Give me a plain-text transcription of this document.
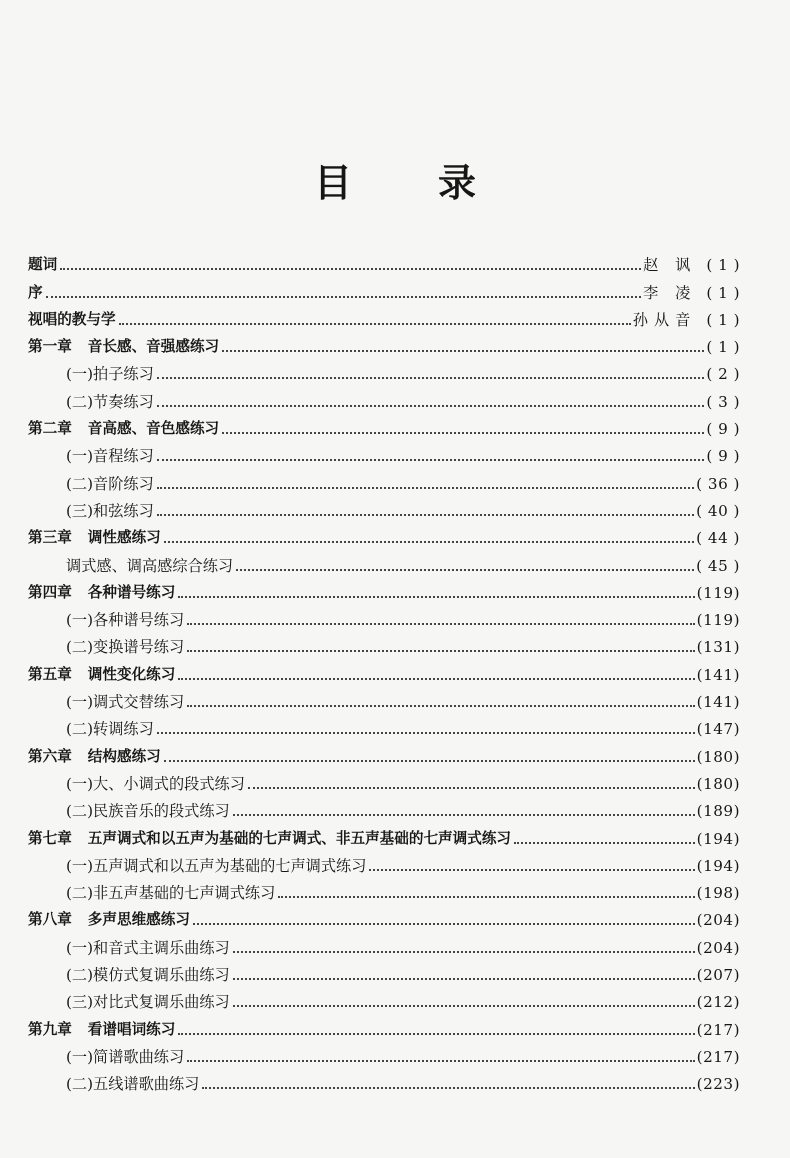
目 录
题词	赵 讽 ( 1 )
序	李 凌 ( 1 )
视唱的教与学	孙从音 ( 1 )
第一章 音长感、音强感练习	( 1 )
(一)拍子练习	( 2 )
(二)节奏练习	( 3 )
第二章 音高感、音色感练习	( 9 )
(一)音程练习	( 9 )
(二)音阶练习	( 36 )
(三)和弦练习	( 40 )
第三章 调性感练习	( 44 )
调式感、调高感综合练习	( 45 )
第四章 各种谱号练习	(119)
(一)各种谱号练习	(119)
(二)变换谱号练习	(131)
第五章 调性变化练习	(141)
(一)调式交替练习	(141)
(二)转调练习	(147)
第六章 结构感练习	(180)
(一)大、小调式的段式练习	(180)
(二)民族音乐的段式练习	(189)
第七章 五声调式和以五声为基础的七声调式、非五声基础的七声调式练习	(194)
(一)五声调式和以五声为基础的七声调式练习	(194)
(二)非五声基础的七声调式练习	(198)
第八章 多声思维感练习	(204)
(一)和音式主调乐曲练习	(204)
(二)模仿式复调乐曲练习	(207)
(三)对比式复调乐曲练习	(212)
第九章 看谱唱词练习	(217)
(一)简谱歌曲练习	(217)
(二)五线谱歌曲练习	(223)
